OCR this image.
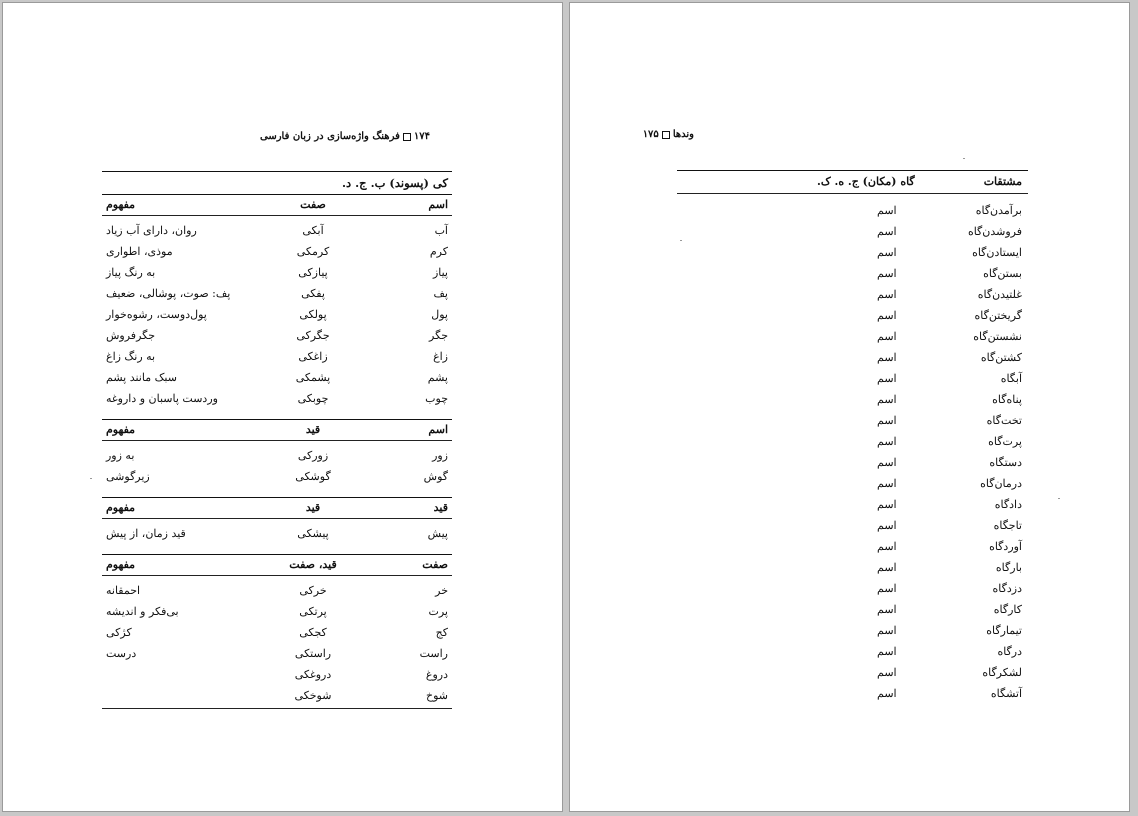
۱۷۴فرهنگ واژه‌سازی در زبان فارسی
کی (پسوند) ب. ج. د.
اسم
صفت
مفهوم
آب
آبکی
روان، دارای آب زیاد
کرم
کرمکی
موذی، اطواری
پیاز
پیازکی
به رنگ پیاز
پف
پفکی
پف: صوت، پوشالی، ضعیف
پول
پولکی
پول‌دوست، رشوه‌خوار
جگر
جگرکی
جگرفروش
زاغ
زاغکی
به رنگ زاغ
پشم
پشمکی
سبک مانند پشم
چوب
چوبکی
وردست پاسبان و داروغه
اسم
قید
مفهوم
زور
زورکی
به زور
گوش
گوشکی
زیرگوشی
قید
قید
مفهوم
پیش
پیشکی
قید زمان، از پیش
صفت
قید، صفت
مفهوم
خر
خرکی
احمقانه
پرت
پرتکی
بی‌فکر و اندیشه
کج
کجکی
کژکی
راست
راستکی
درست
دروغ
دروغکی
شوخ
شوخکی
وندها۱۷۵
مشتقات
گاه (مکان) ج. ه. ک.
برآمدن‌گاه
اسم
فروشدن‌گاه
اسم
ایستادن‌گاه
اسم
بستن‌گاه
اسم
غلتیدن‌گاه
اسم
گریختن‌گاه
اسم
نشستن‌گاه
اسم
کشتن‌گاه
اسم
آبگاه
اسم
پناه‌گاه
اسم
تخت‌گاه
اسم
پرت‌گاه
اسم
دستگاه
اسم
درمان‌گاه
اسم
دادگاه
اسم
تاجگاه
اسم
آوردگاه
اسم
بارگاه
اسم
دزدگاه
اسم
کارگاه
اسم
تیمارگاه
اسم
درگاه
اسم
لشکرگاه
اسم
آتشگاه
اسم
